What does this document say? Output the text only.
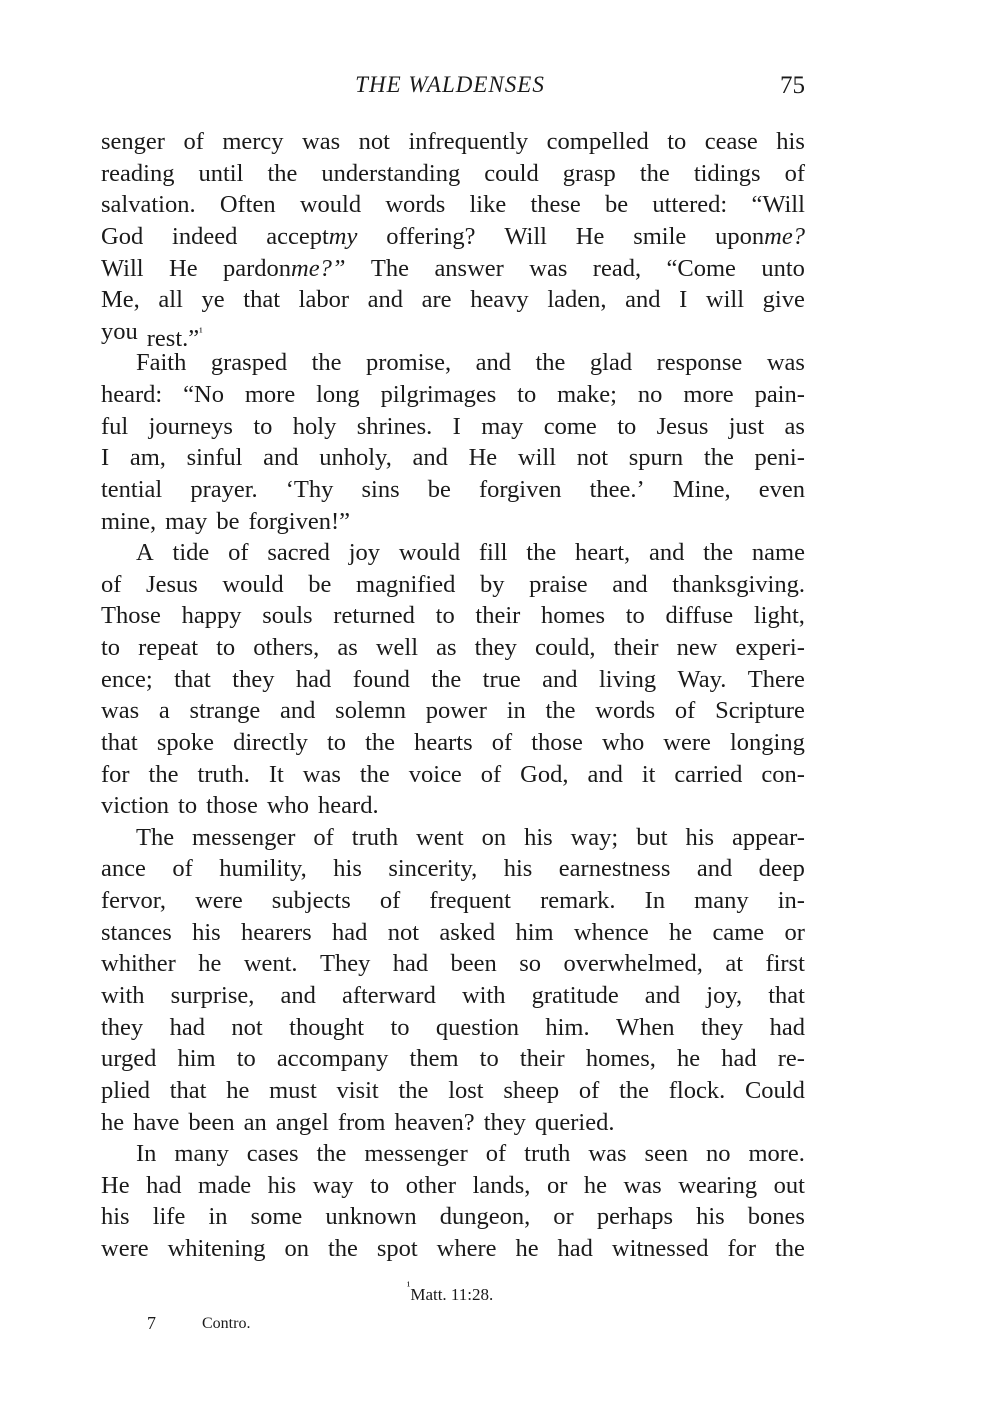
THE WALDENSES	75
senger of mercy was not infrequently compelled to cease his
reading until the understanding could grasp the tidings of
salvation. Often would words like these be uttered: “Will
God indeed acceptmy offering? Will He smile uponme?
Will He pardonme?” The answer was read, “Come unto
Me, all ye that labor and are heavy laden, and I will give
you rest.”$^{^1}$
Faith grasped the promise, and the glad response was
heard: “No more long pilgrimages to make; no more pain-
ful journeys to holy shrines. I may come to Jesus just as
I am, sinful and unholy, and He will not spurn the peni-
tential prayer. ‘Thy sins be forgiven thee.’ Mine, even
mine, may be forgiven!”
A tide of sacred joy would fill the heart, and the name
of Jesus would be magnified by praise and thanksgiving.
Those happy souls returned to their homes to diffuse light,
to repeat to others, as well as they could, their new experi-
ence; that they had found the true and living Way. There
was a strange and solemn power in the words of Scripture
that spoke directly to the hearts of those who were longing
for the truth. It was the voice of God, and it carried con-
viction to those who heard.
The messenger of truth went on his way; but his appear-
ance of humility, his sincerity, his earnestness and deep
fervor, were subjects of frequent remark. In many in-
stances his hearers had not asked him whence he came or
whither he went. They had been so overwhelmed, at first
with surprise, and afterward with gratitude and joy, that
they had not thought to question him. When they had
urged him to accompany them to their homes, he had re-
plied that he must visit the lost sheep of the flock. Could
he have been an angel from heaven? they queried.
In many cases the messenger of truth was seen no more.
He had made his way to other lands, or he was wearing out
his life in some unknown dungeon, or perhaps his bones
were whitening on the spot where he had witnessed for the
$^{^1}$Matt. 11:28.
7	Contro.
